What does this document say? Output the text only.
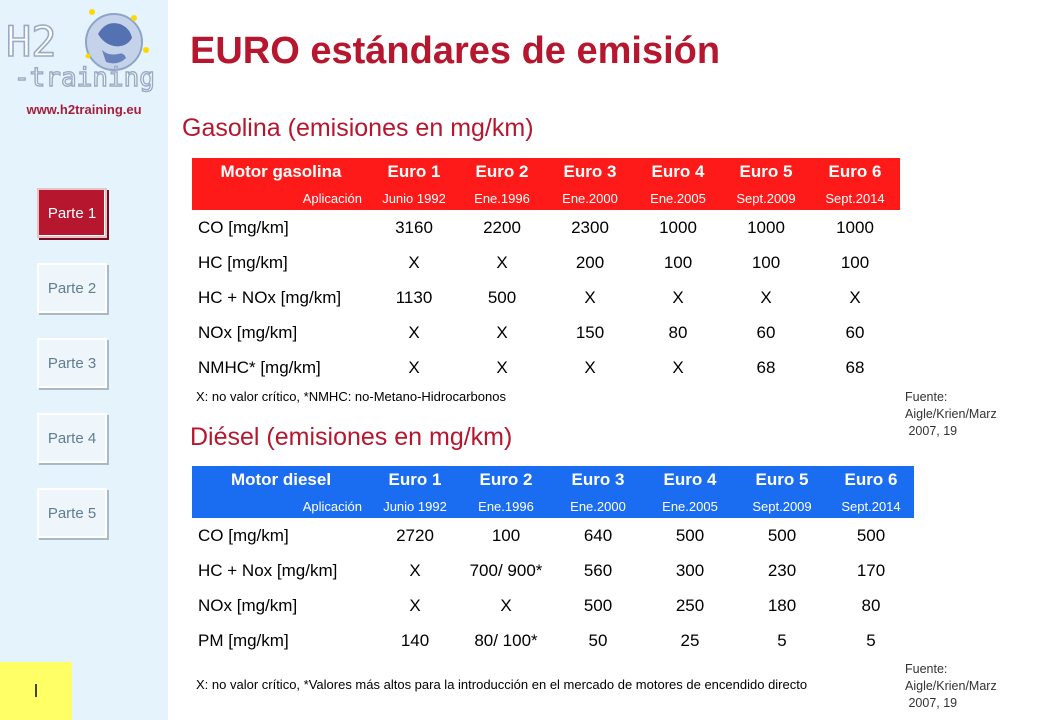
H2
-training
www.h2training.eu
Parte 1
Parte 2
Parte 3
Parte 4
Parte 5
I
EURO estándares de emisión
Gasolina (emisiones en mg/km)
Motor gasolina	Euro 1	Euro 2	Euro 3	Euro 4	Euro 5	Euro 6
Aplicación	Junio 1992	Ene.1996	Ene.2000	Ene.2005	Sept.2009	Sept.2014
CO [mg/km]	3160	2200	2300	1000	1000	1000
HC [mg/km]	X	X	200	100	100	100
HC + NOx [mg/km]	1130	500	X	X	X	X
NOx [mg/km]	X	X	150	80	60	60
NMHC* [mg/km]	X	X	X	X	68	68
X: no valor crítico, *NMHC: no-Metano-Hidrocarbonos	Fuente:
Aigle/Krien/Marz
2007, 19
Diésel (emisiones en mg/km)
Motor diesel	Euro 1	Euro 2	Euro 3	Euro 4	Euro 5	Euro 6
Aplicación	Junio 1992	Ene.1996	Ene.2000	Ene.2005	Sept.2009	Sept.2014
CO [mg/km]	2720	100	640	500	500	500
HC + Nox [mg/km]	X	700/ 900*	560	300	230	170
NOx [mg/km]	X	X	500	250	180	80
PM [mg/km]	140	80/ 100*	50	25	5	5
X: no valor crítico, *Valores más altos para la introducción en el mercado de motores de encendido directo
Fuente:
Aigle/Krien/Marz
2007, 19
